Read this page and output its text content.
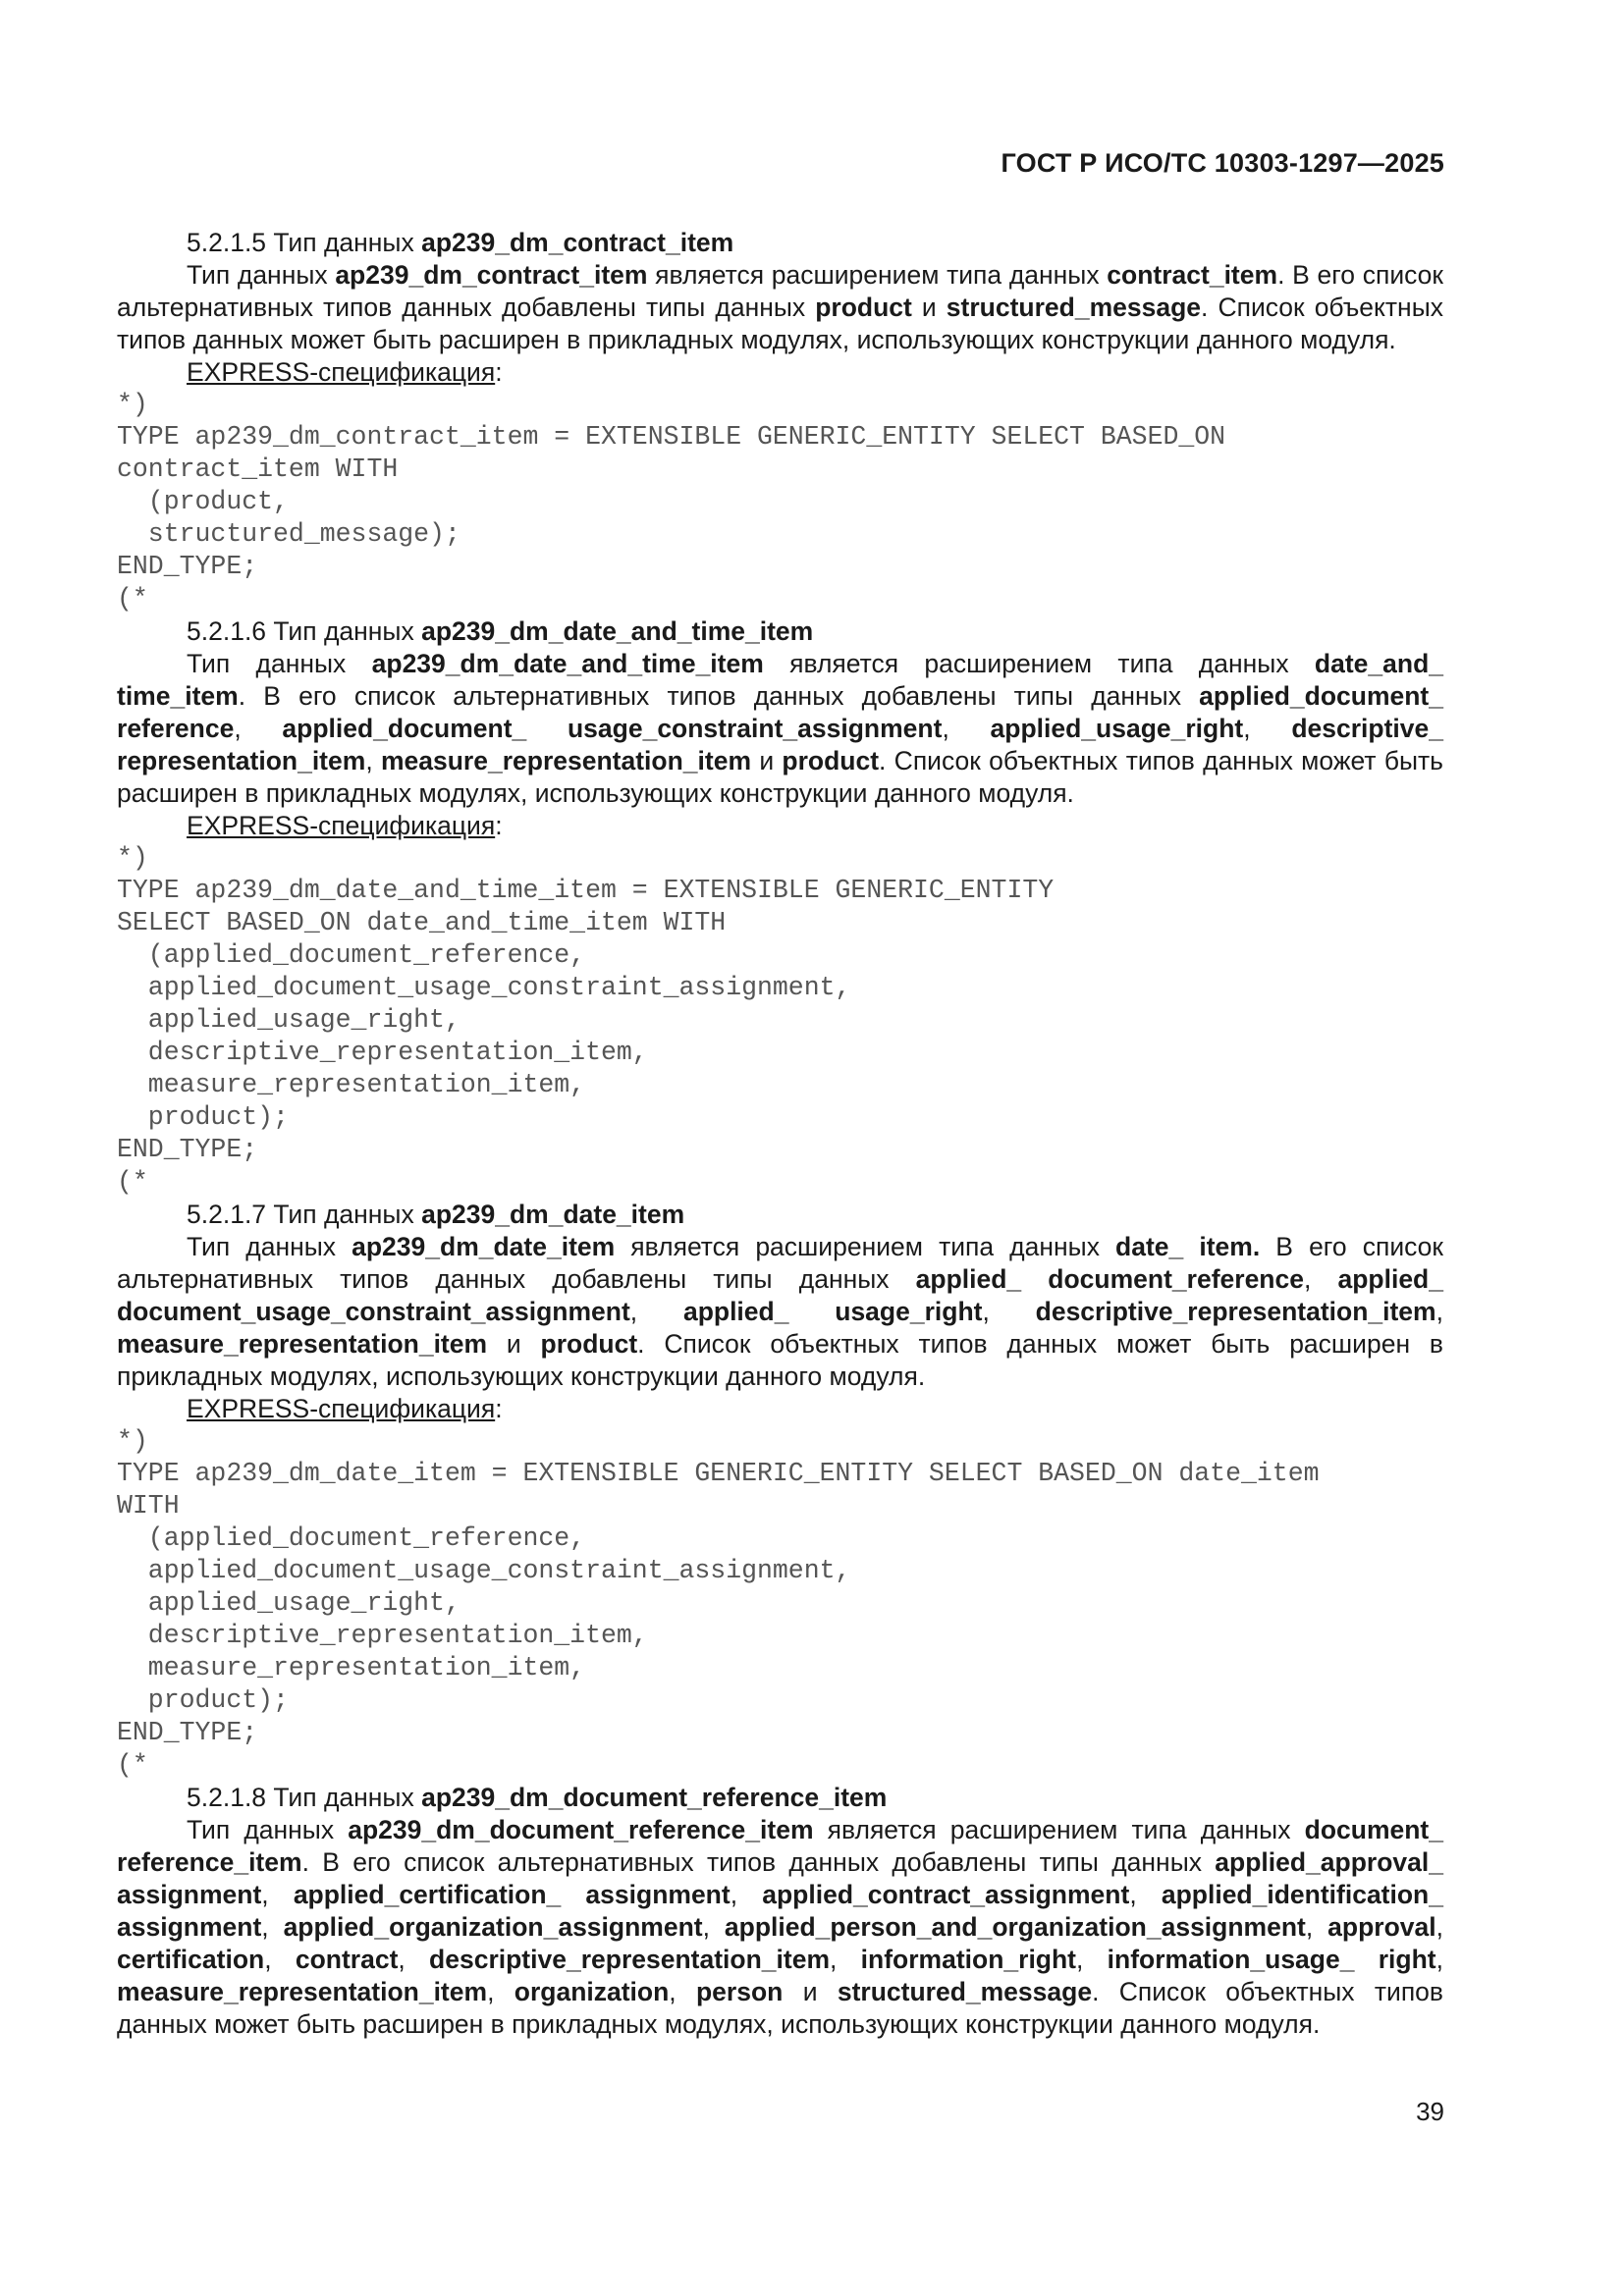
ГОСТ Р ИСО/ТС 10303-1297—2025
5.2.1.5 Тип данных ap239_dm_contract_item
Тип данных ap239_dm_contract_item является расширением типа данных contract_item. В его список альтернативных типов данных добавлены типы данных product и structured_message. Список объектных типов данных может быть расширен в прикладных модулях, использующих конструкции данного модуля.
EXPRESS-спецификация:
*)
TYPE ap239_dm_contract_item = EXTENSIBLE GENERIC_ENTITY SELECT BASED_ON
contract_item WITH
(product,
structured_message);
END_TYPE;
(*
5.2.1.6 Тип данных ap239_dm_date_and_time_item
Тип данных ap239_dm_date_and_time_item является расширением типа данных date_and_ time_item. В его список альтернативных типов данных добавлены типы данных applied_document_ reference, applied_document_ usage_constraint_assignment, applied_usage_right, descriptive_ representation_item, measure_representation_item и product. Список объектных типов данных может быть расширен в прикладных модулях, использующих конструкции данного модуля.
EXPRESS-спецификация:
*)
TYPE ap239_dm_date_and_time_item = EXTENSIBLE GENERIC_ENTITY
SELECT BASED_ON date_and_time_item WITH
(applied_document_reference,
applied_document_usage_constraint_assignment,
applied_usage_right,
descriptive_representation_item,
measure_representation_item,
product);
END_TYPE;
(*
5.2.1.7 Тип данных ap239_dm_date_item
Тип данных ap239_dm_date_item является расширением типа данных date_ item. В его список альтернативных типов данных добавлены типы данных applied_ document_reference, applied_ document_usage_constraint_assignment, applied_ usage_right, descriptive_representation_item, measure_representation_item и product. Список объектных типов данных может быть расширен в прикладных модулях, использующих конструкции данного модуля.
EXPRESS-спецификация:
*)
TYPE ap239_dm_date_item = EXTENSIBLE GENERIC_ENTITY SELECT BASED_ON date_item
WITH
(applied_document_reference,
applied_document_usage_constraint_assignment,
applied_usage_right,
descriptive_representation_item,
measure_representation_item,
product);
END_TYPE;
(*
5.2.1.8 Тип данных ap239_dm_document_reference_item
Тип данных ap239_dm_document_reference_item является расширением типа данных document_ reference_item. В его список альтернативных типов данных добавлены типы данных applied_approval_ assignment, applied_certification_ assignment, applied_contract_assignment, applied_identification_ assignment, applied_organization_assignment, applied_person_and_organization_assignment, approval, certification, contract, descriptive_representation_item, information_right, information_usage_ right, measure_representation_item, organization, person и structured_message. Список объектных типов данных может быть расширен в прикладных модулях, использующих конструкции данного модуля.
39
